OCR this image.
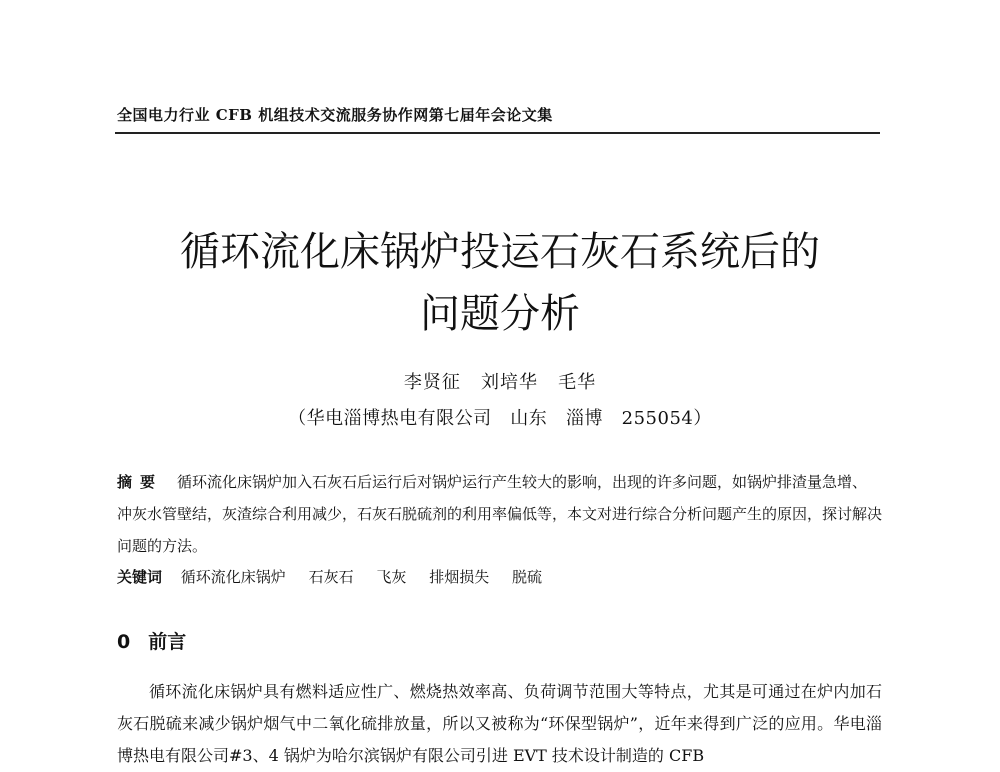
全国电力行业 CFB 机组技术交流服务协作网第七届年会论文集
循环流化床锅炉投运石灰石系统后的
问题分析
李贤征   刘培华   毛华
（华电淄博热电有限公司   山东   淄博   255054）

摘要 循环流化床锅炉加入石灰石后运行后对锅炉运行产生较大的影响，出现的许多问题，如锅炉排渣量急增、冲灰水管壁结，灰渣综合利用减少，石灰石脱硫剂的利用率偏低等，本文对进行综合分析问题产生的原因，探讨解决问题的方法。

关键词 循环流化床锅炉 石灰石 飞灰 排烟损失 脱硫
0 前言

循环流化床锅炉具有燃料适应性广、燃烧热效率高、负荷调节范围大等特点，尤其是可通过在炉内加石灰石脱硫来减少锅炉烟气中二氧化硫排放量，所以又被称为“环保型锅炉”，近年来得到广泛的应用。华电淄博热电有限公司#3、4 锅炉为哈尔滨锅炉有限公司引进 EVT 技术设计制造的 CFB
